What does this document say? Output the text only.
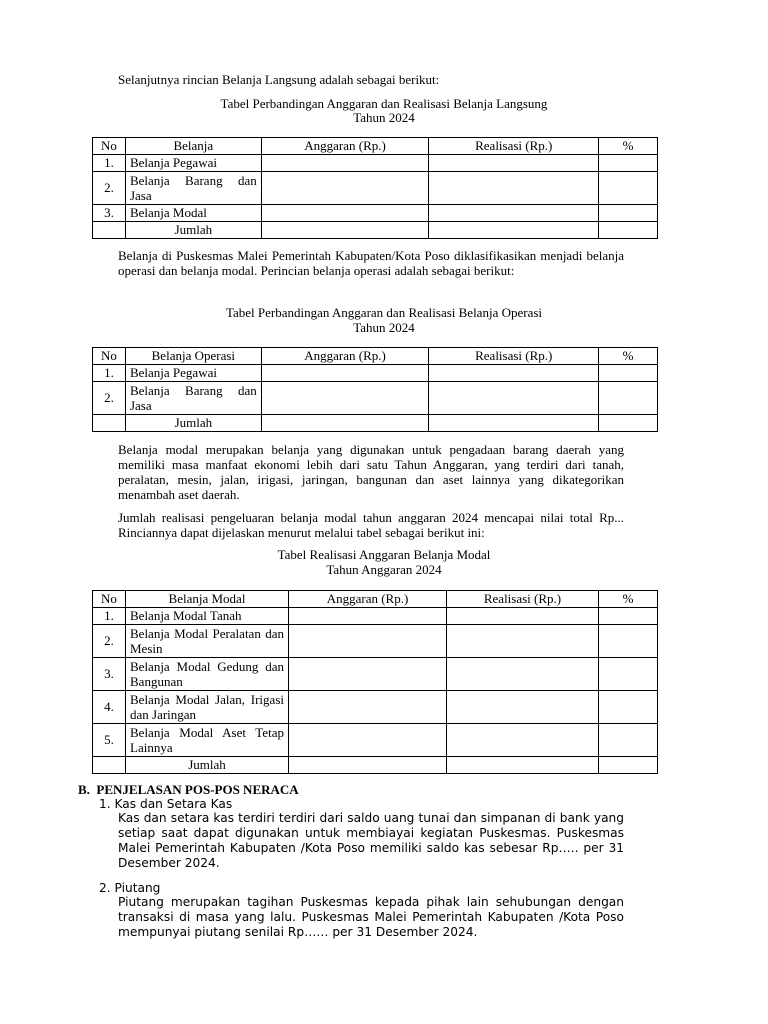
Selanjutnya rincian Belanja Langsung adalah sebagai berikut:
Tabel Perbandingan Anggaran dan Realisasi Belanja Langsung
Tahun 2024
No	Belanja	Anggaran (Rp.)	Realisasi (Rp.)	%
1.	Belanja Pegawai			
2.	Belanja Barang dan Jasa			
3.	Belanja Modal			
	Jumlah			
Belanja di Puskesmas Malei Pemerintah Kabupaten/Kota Poso diklasifikasikan menjadi belanja operasi dan belanja modal. Perincian belanja operasi adalah sebagai berikut:
Tabel Perbandingan Anggaran dan Realisasi Belanja Operasi
Tahun 2024
No	Belanja Operasi	Anggaran (Rp.)	Realisasi (Rp.)	%
1.	Belanja Pegawai			
2.	Belanja Barang dan Jasa			
	Jumlah			
Belanja modal merupakan belanja yang digunakan untuk pengadaan barang daerah yang memiliki masa manfaat ekonomi lebih dari satu Tahun Anggaran, yang terdiri dari tanah, peralatan, mesin, jalan, irigasi, jaringan, bangunan dan aset lainnya yang dikategorikan menambah aset daerah.
Jumlah realisasi pengeluaran belanja modal tahun anggaran 2024 mencapai nilai total Rp... Rinciannya dapat dijelaskan menurut melalui tabel sebagai berikut ini:
Tabel Realisasi Anggaran Belanja Modal
Tahun Anggaran 2024
No	Belanja Modal	Anggaran (Rp.)	Realisasi (Rp.)	%
1.	Belanja Modal Tanah			
2.	Belanja Modal Peralatan dan Mesin			
3.	Belanja Modal Gedung dan Bangunan			
4.	Belanja Modal Jalan, Irigasi dan Jaringan			
5.	Belanja Modal Aset Tetap Lainnya			
	Jumlah			
B.  PENJELASAN POS-POS NERACA
1. Kas dan Setara Kas
Kas dan setara kas terdiri terdiri dari saldo uang tunai dan simpanan di bank yang setiap saat dapat digunakan untuk membiayai kegiatan Puskesmas. Puskesmas Malei Pemerintah Kabupaten /Kota Poso memiliki saldo kas sebesar Rp….. per 31 Desember 2024.
2. Piutang
Piutang merupakan tagihan Puskesmas kepada pihak lain sehubungan dengan transaksi di masa yang lalu. Puskesmas Malei Pemerintah Kabupaten /Kota Poso mempunyai piutang senilai Rp…… per 31 Desember 2024.
